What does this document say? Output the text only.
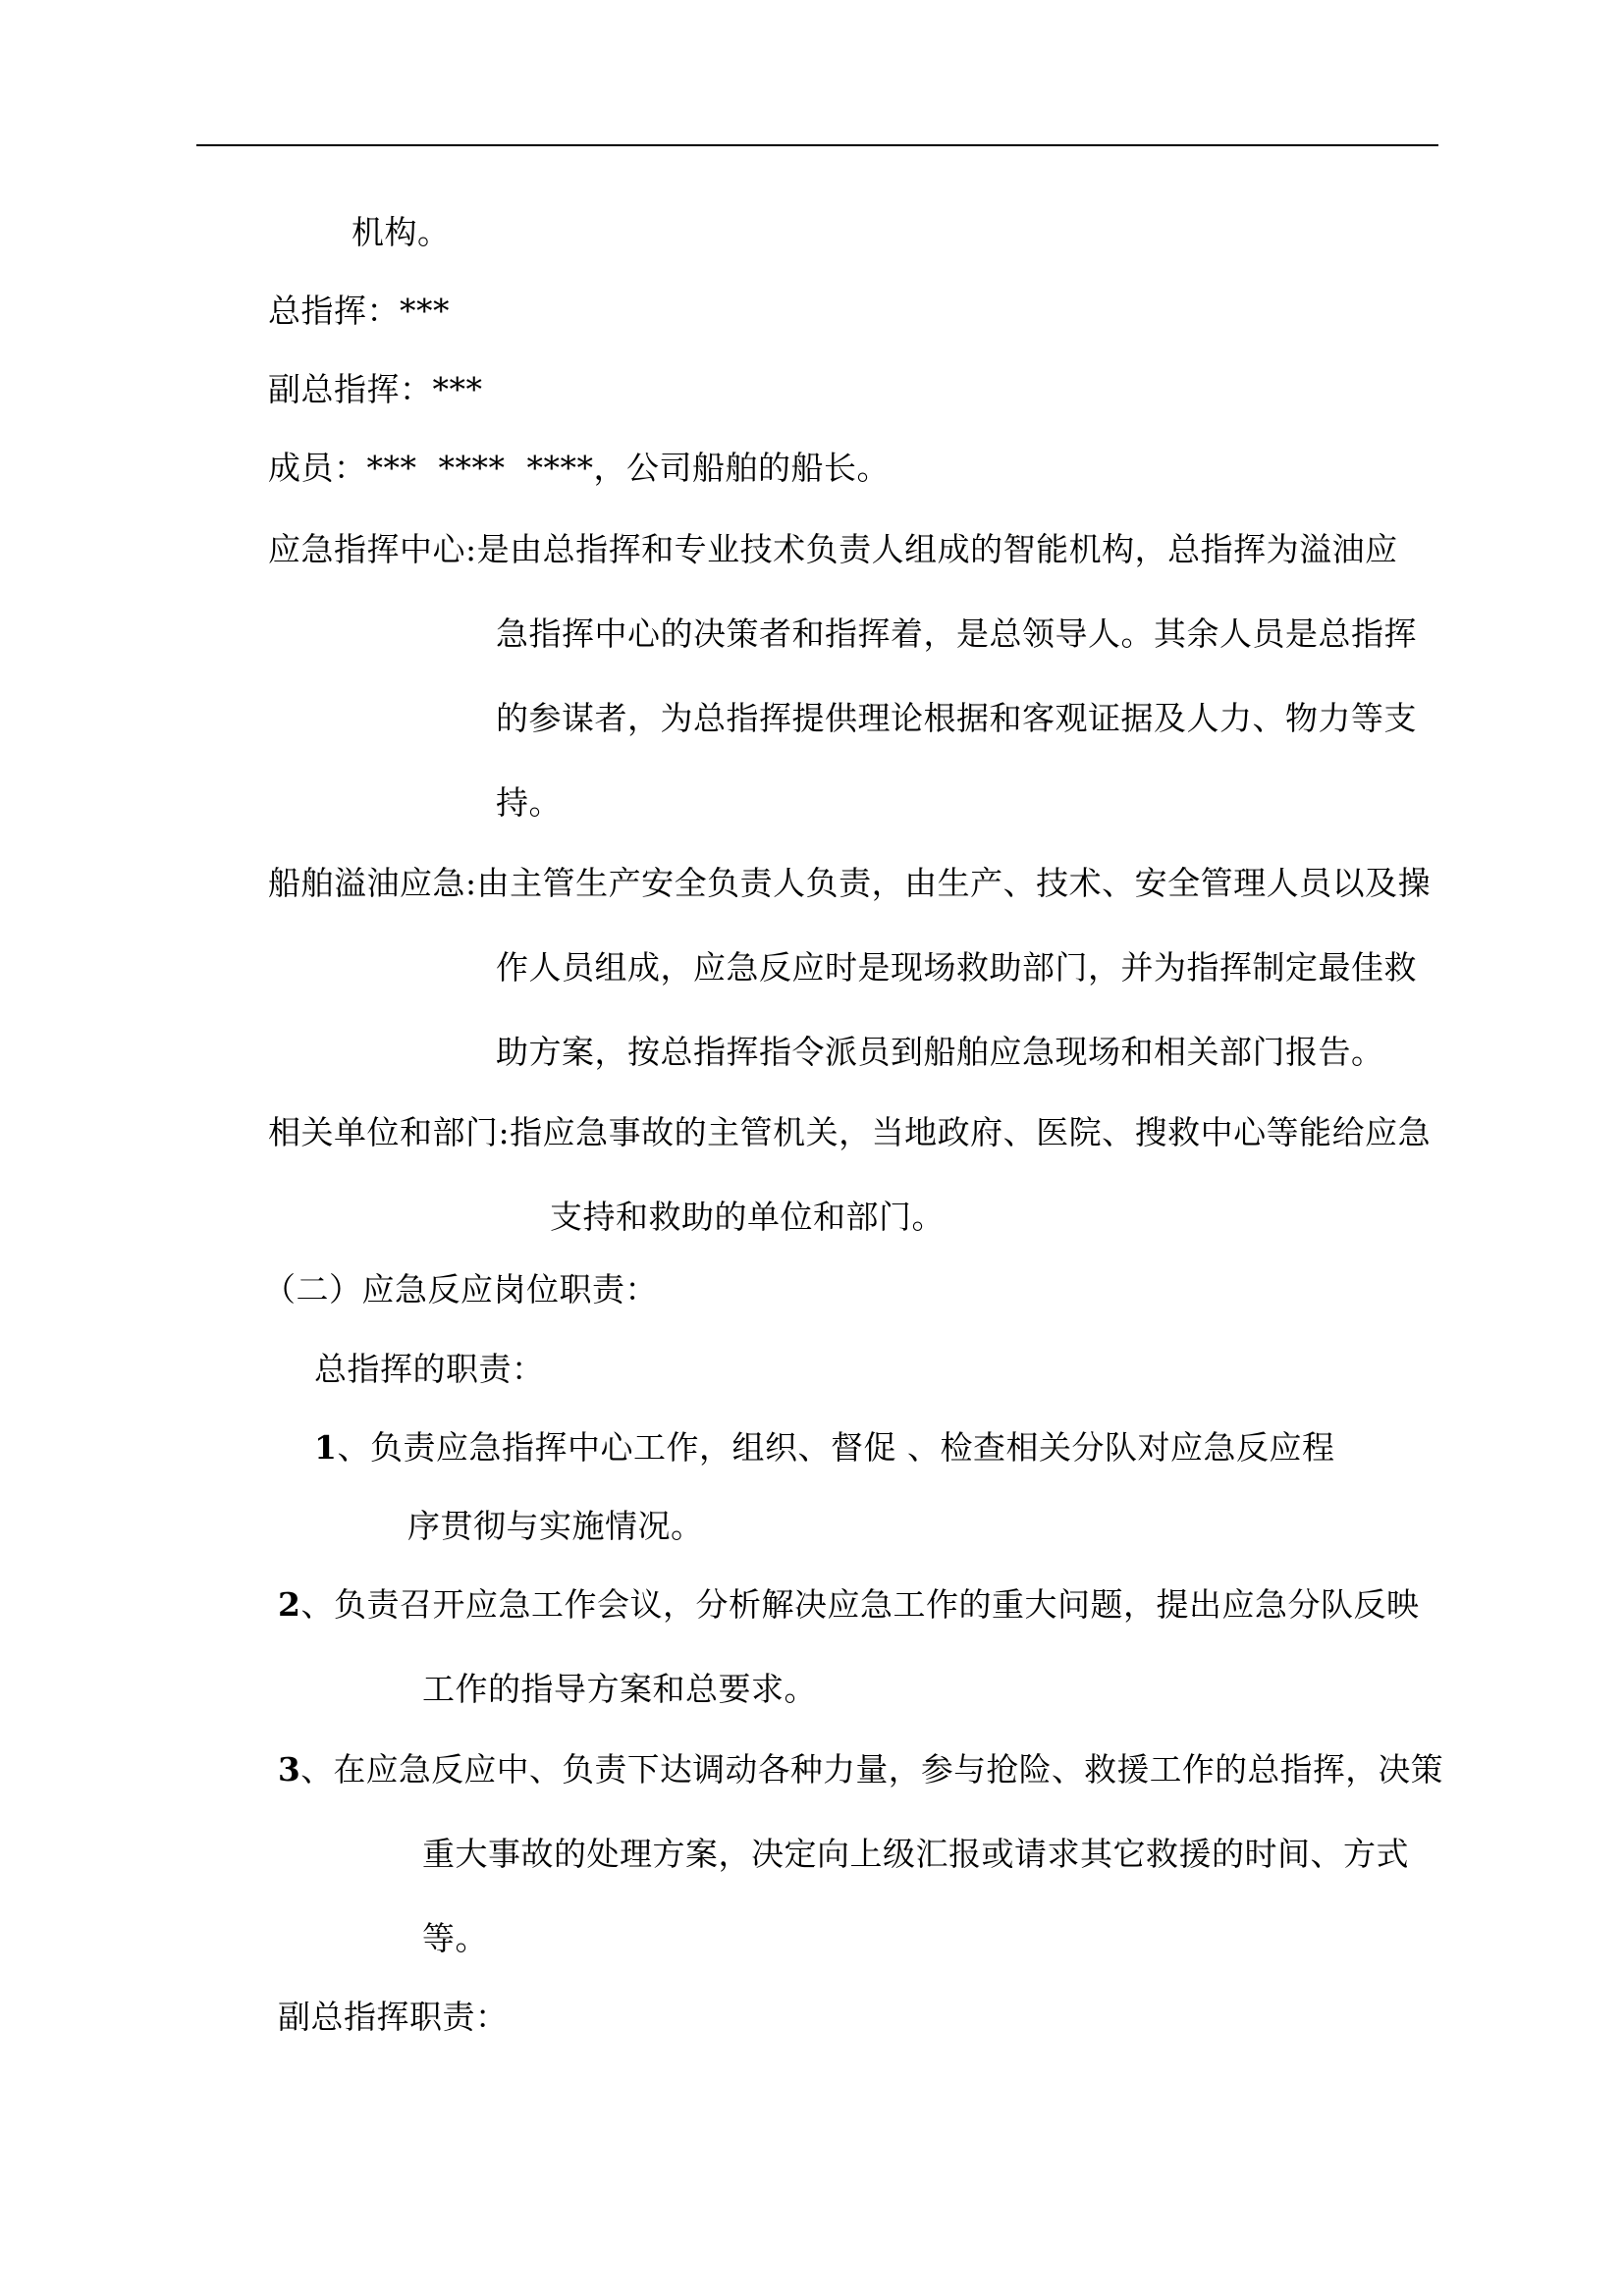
机构。
总指挥：***
副总指挥：***
成员：***  ****  ****，公司船舶的船长。
应急指挥中心:是由总指挥和专业技术负责人组成的智能机构，总指挥为溢油应
急指挥中心的决策者和指挥着，是总领导人。其余人员是总指挥
的参谋者，为总指挥提供理论根据和客观证据及人力、物力等支
持。
船舶溢油应急:由主管生产安全负责人负责，由生产、技术、安全管理人员以及操
作人员组成，应急反应时是现场救助部门，并为指挥制定最佳救
助方案，按总指挥指令派员到船舶应急现场和相关部门报告。
相关单位和部门:指应急事故的主管机关，当地政府、医院、搜救中心等能给应急
支持和救助的单位和部门。
（二）应急反应岗位职责：
总指挥的职责：
1、负责应急指挥中心工作，组织、督促 、检查相关分队对应急反应程
序贯彻与实施情况。
2、负责召开应急工作会议，分析解决应急工作的重大问题，提出应急分队反映
工作的指导方案和总要求。
3、在应急反应中、负责下达调动各种力量，参与抢险、救援工作的总指挥，决策
重大事故的处理方案，决定向上级汇报或请求其它救援的时间、方式
等。
副总指挥职责：
